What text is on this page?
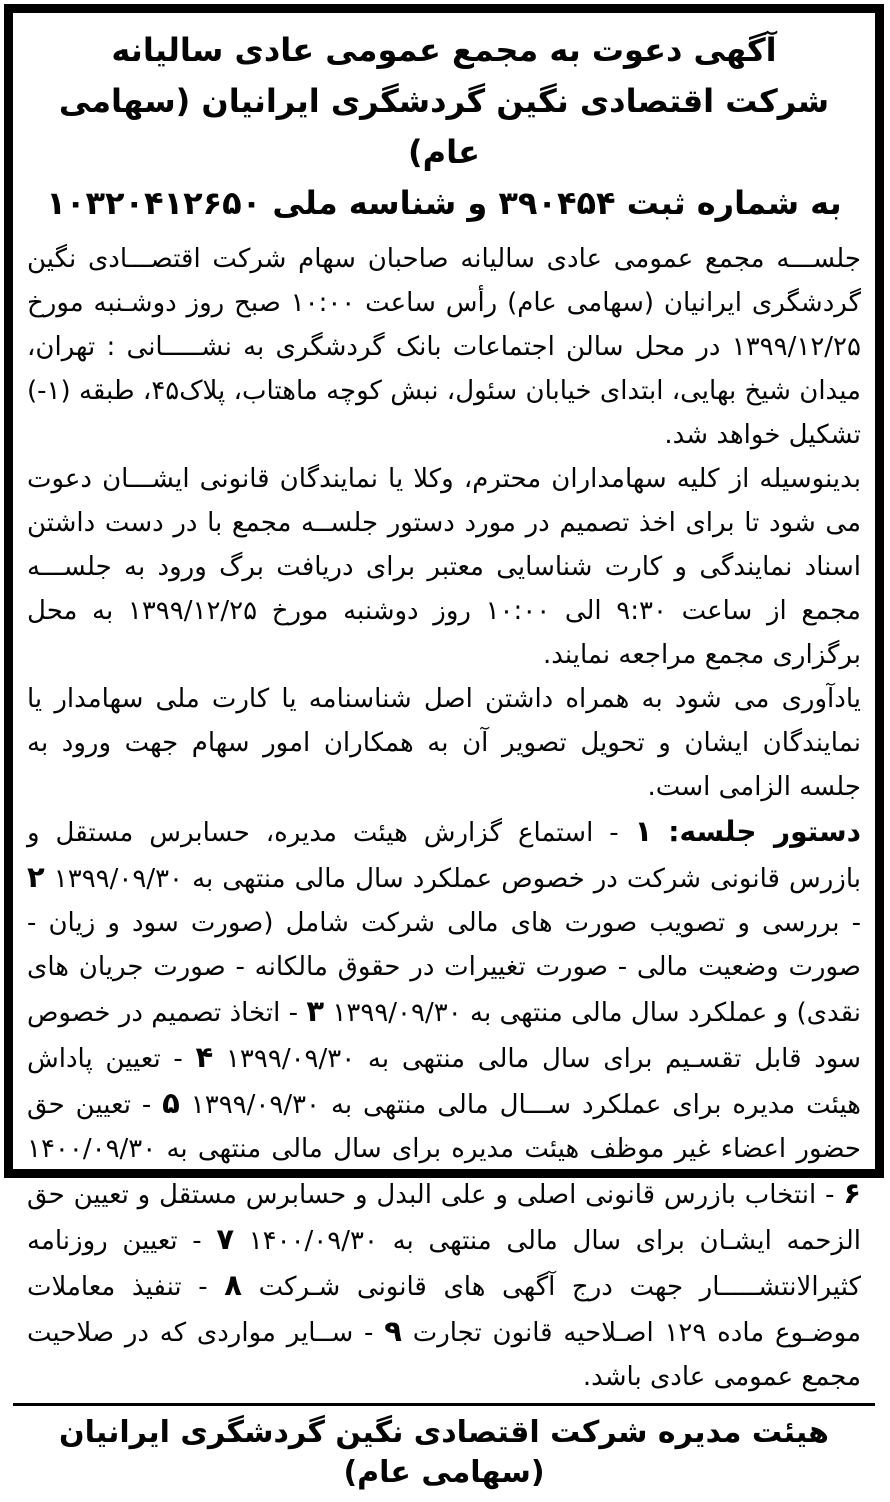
آگهی دعوت به مجمع عمومی عادی سالیانه
شرکت اقتصادی نگین گردشگری ایرانیان (سهامی عام)
به شماره ثبت ۳۹۰۴۵۴ و شناسه ملی ۱۰۳۲۰۴۱۲۶۵۰

جلســـه مجمع عمومی عادی سالیانه صاحبان سهام شرکت اقتصـــادی نگین گردشگری ایرانیان (سهامی عام) رأس ساعت ۱۰:۰۰ صبح روز دوشـنبه مورخ ۱۳۹۹/۱۲/۲۵ در محل سالن اجتماعات بانک گردشگری به نشـــــانی : تهران، میدان شیخ بهایی، ابتدای خیابان سئول، نبش کوچه ماهتاب، پلاک۴۵، طبقه (۱-) تشکیل خواهد شد.

بدینوسیله از کلیه سهامداران محترم، وکلا یا نمایندگان قانونی ایشـــان دعوت می شود تا برای اخذ تصمیم در مورد دستور جلســه مجمع با در دست داشتن اسناد نمایندگی و کارت شناسایی معتبر برای دریافت برگ ورود به جلســـه مجمع از ساعت ۹:۳۰ الی ۱۰:۰۰ روز دوشنبه مورخ ۱۳۹۹/۱۲/۲۵ به محل برگزاری مجمع مراجعه نمایند.

یادآوری می شود به همراه داشتن اصل شناسنامه یا کارت ملی سهامدار یا نمایندگان ایشان و تحویل تصویر آن به همکاران امور سهام جهت ورود به جلسه الزامی است.

دستور جلسه: ۱ - استماع گزارش هیئت مدیره، حسابرس مستقل و بازرس قانونی شرکت در خصوص عملکرد سال مالی منتهی به ۱۳۹۹/۰۹/۳۰ ۲ - بررسی و تصویب صورت های مالی شرکت شامل (صورت سود و زیان - صورت وضعیت مالی - صورت تغییرات در حقوق مالکانه - صورت جریان های نقدی) و عملکرد سال مالی منتهی به ۱۳۹۹/۰۹/۳۰ ۳ - اتخاذ تصمیم در خصوص سود قابل تقسـیم برای سال مالی منتهی به ۱۳۹۹/۰۹/۳۰ ۴ - تعیین پاداش هیئت مدیره برای عملکرد ســـال مالی منتهی به ۱۳۹۹/۰۹/۳۰ ۵ - تعیین حق حضور اعضاء غیر موظف هیئت مدیره برای سال مالی منتهی به ۱۴۰۰/۰۹/۳۰ ۶ - انتخاب بازرس قانونی اصلی و علی البدل و حسابرس مستقل و تعیین حق الزحمه ایشـان برای سال مالی منتهی به ۱۴۰۰/۰۹/۳۰ ۷ - تعیین روزنامه کثیرالانتشـــــار جهت درج آگهی های قانونی شـرکت ۸ - تنفیذ معاملات موضـوع ماده ۱۲۹ اصـلاحیه قانون تجارت ۹ - ســایر مواردی که در صلاحیت مجمع عمومی عادی باشد.

هیئت مدیره شرکت اقتصادی نگین گردشگری ایرانیان (سهامی عام)
